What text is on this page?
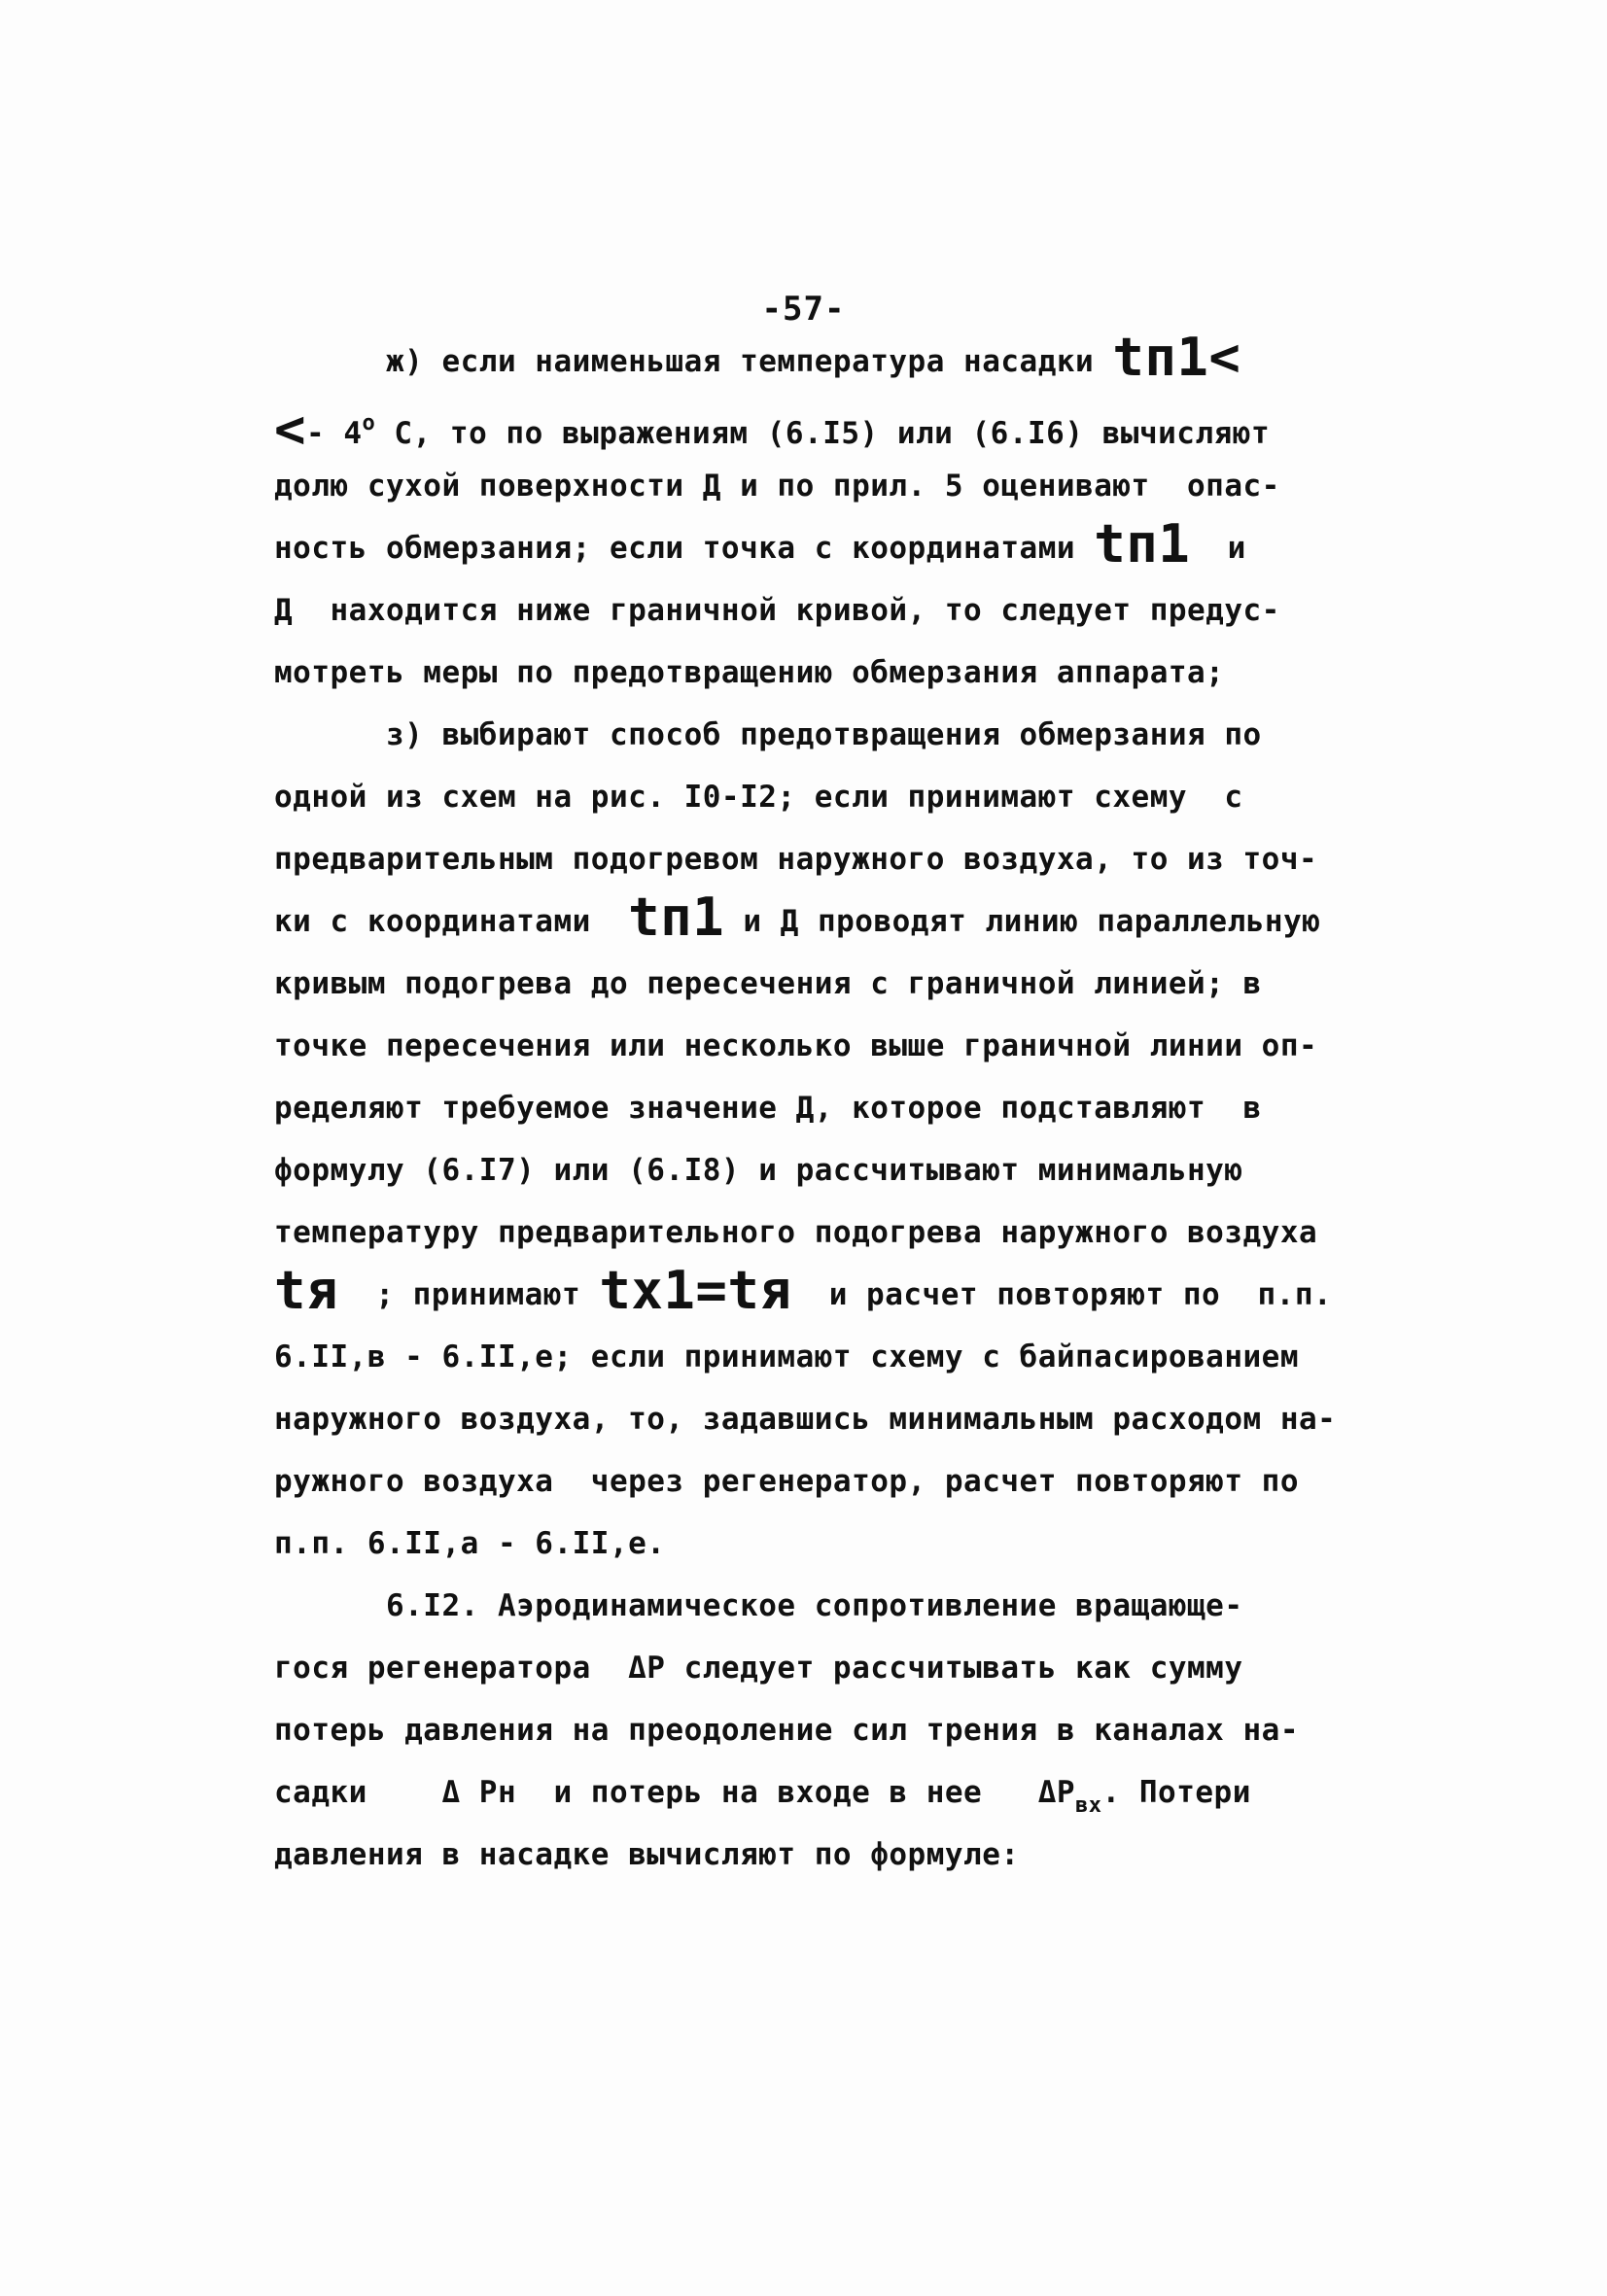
-57-
ж) если наименьшая температура насадки tп1<
<- 4$^o$ С, то по выражениям (6.I5) или (6.I6) вычисляют
долю сухой поверхности Д и по прил. 5 оценивают  опас-
ность обмерзания; если точка с координатами tп1  и
Д  находится ниже граничной кривой, то следует предус-
мотреть меры по предотвращению обмерзания аппарата;
з) выбирают способ предотвращения обмерзания по
одной из схем на рис. I0-I2; если принимают схему  с
предварительным подогревом наружного воздуха, то из точ-
ки с координатами  tп1 и Д проводят линию параллельную
кривым подогрева до пересечения с граничной линией; в
точке пересечения или несколько выше граничной линии оп-
ределяют требуемое значение Д, которое подставляют  в
формулу (6.I7) или (6.I8) и рассчитывают минимальную
температуру предварительного подогрева наружного воздуха
tя  ; принимают tх1=tя  и расчет повторяют по  п.п.
6.II,в - 6.II,е; если принимают схему с байпасированием
наружного воздуха, то, задавшись минимальным расходом на-
ружного воздуха  через регенератор, расчет повторяют по
п.п. 6.II,а - 6.II,е.
6.I2. Аэродинамическое сопротивление вращающе-
гося регенератора  ΔР следует рассчитывать как сумму
потерь давления на преодоление сил трения в каналах на-
садки    Δ Рн  и потерь на входе в нее   $\Delta Р_{вх}$. Потери
давления в насадке вычисляют по формуле:
